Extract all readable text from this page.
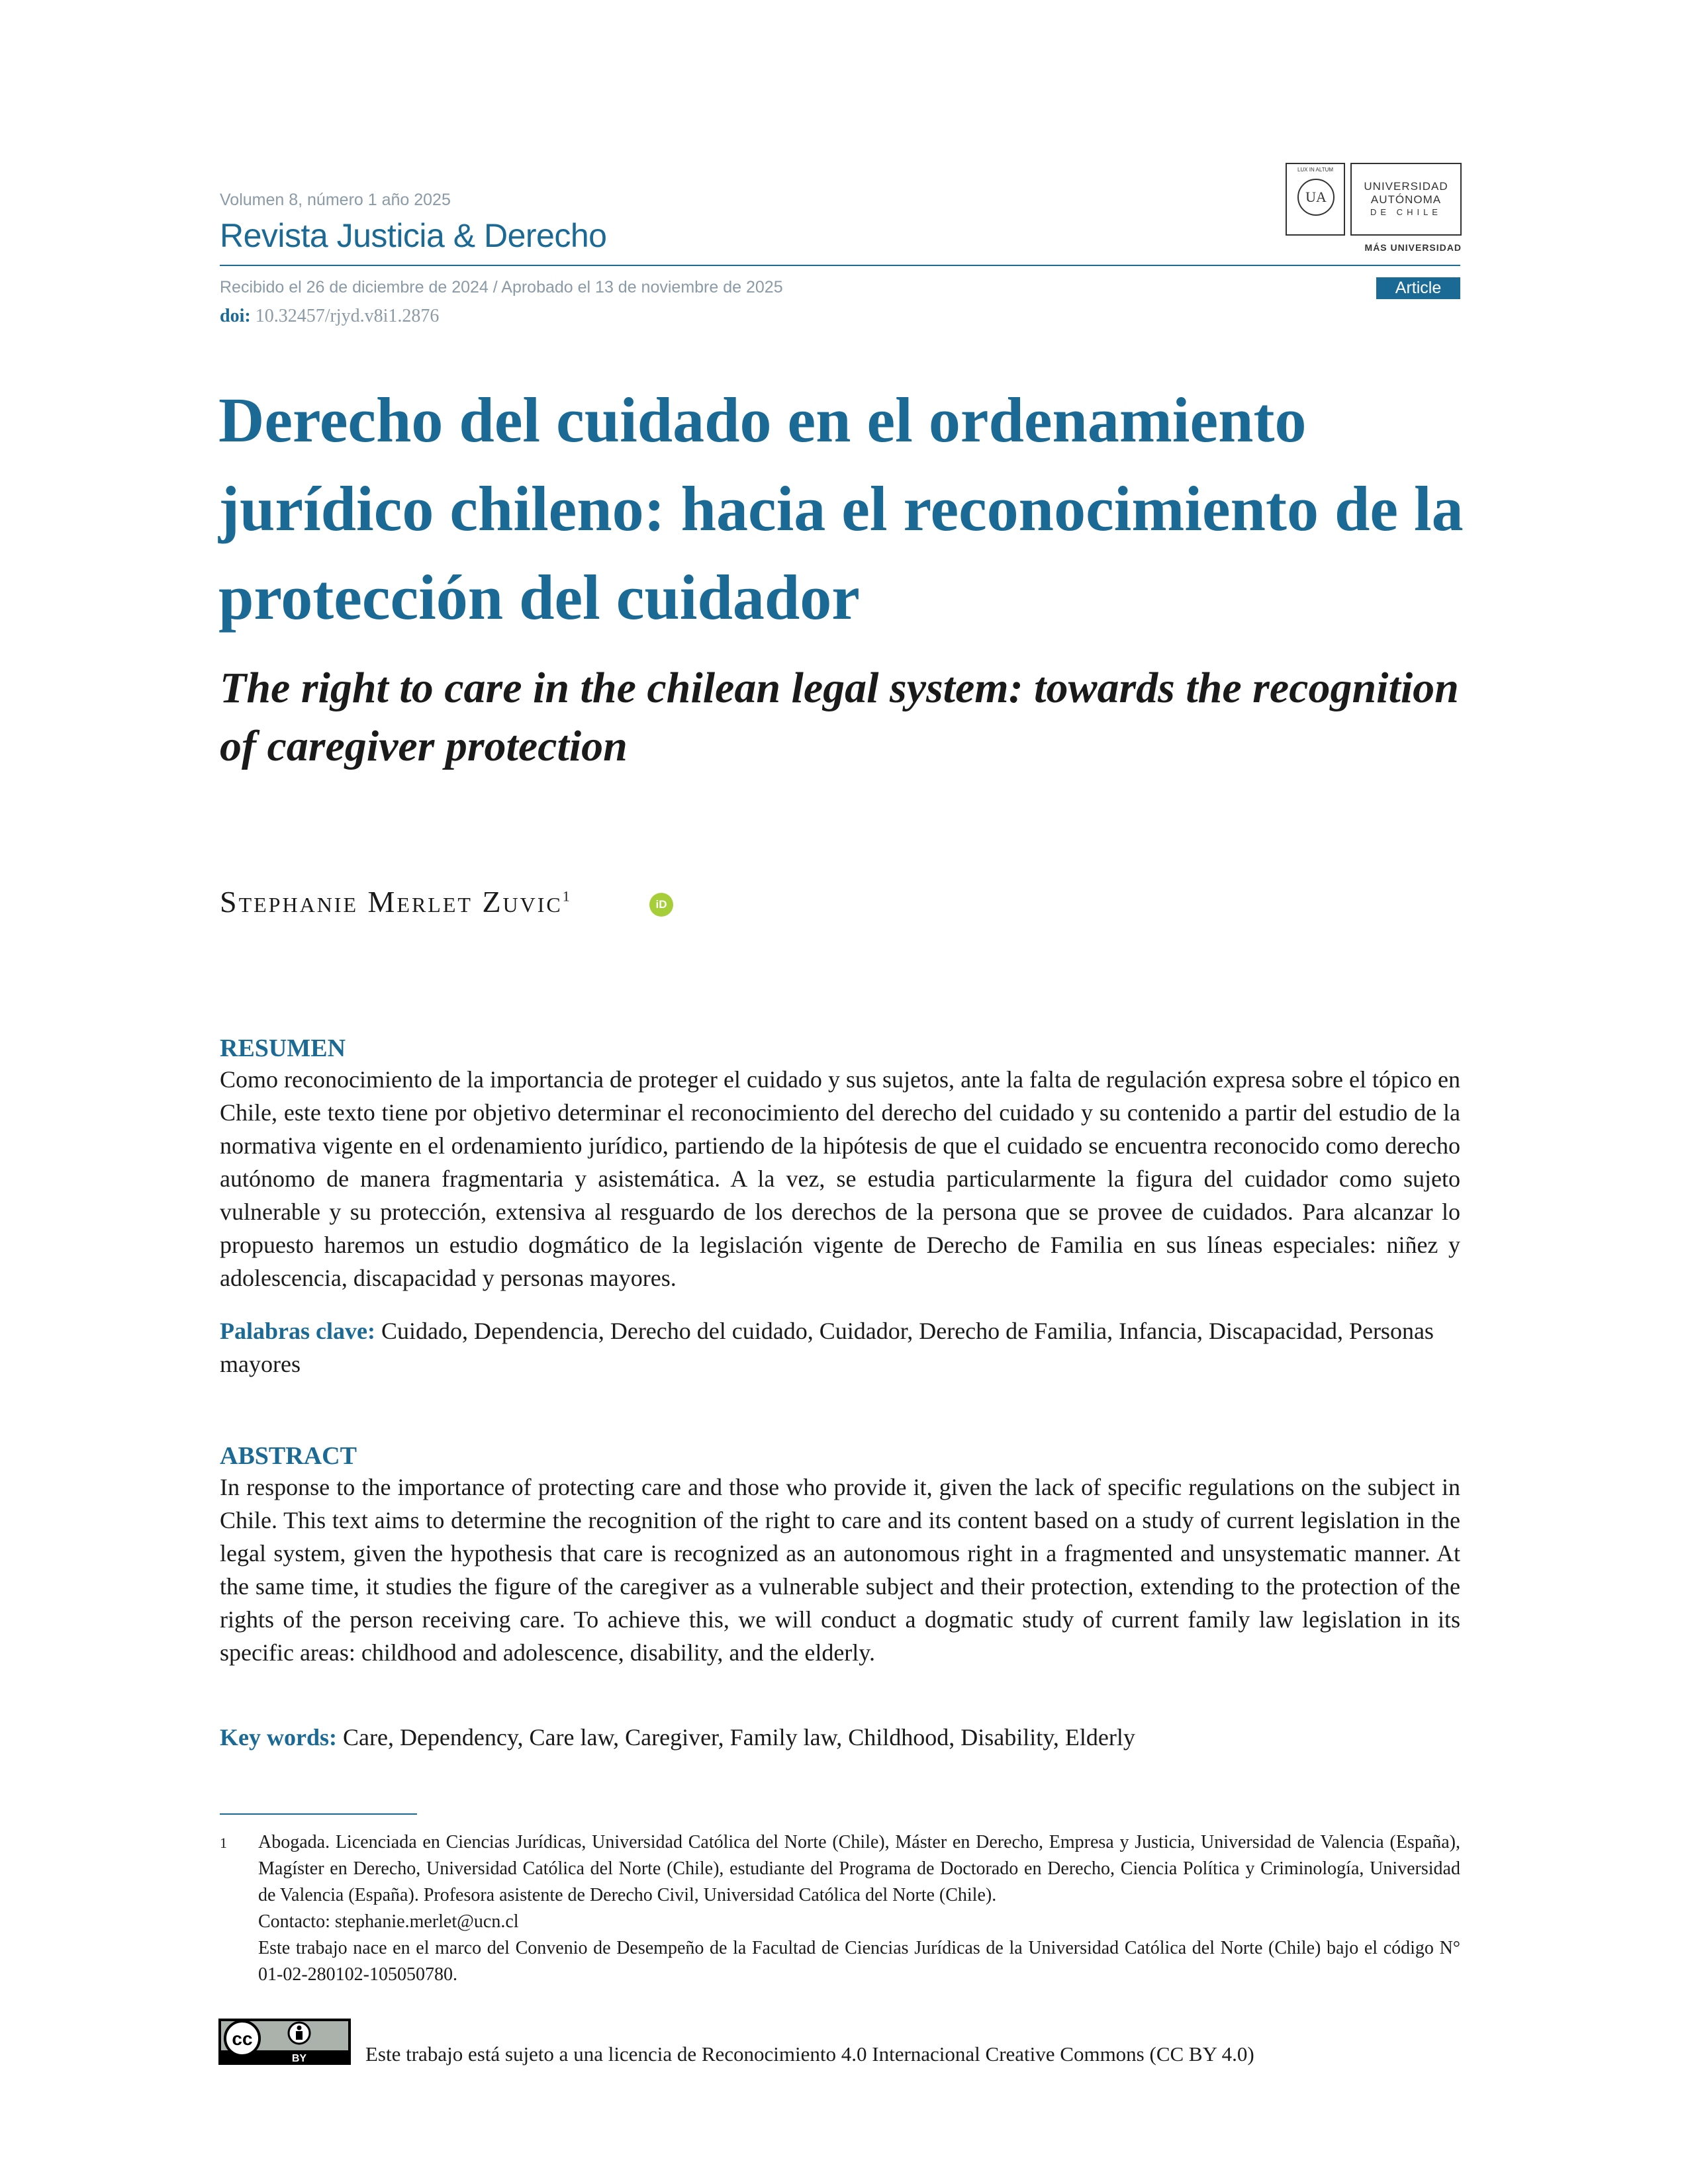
Volumen 8, número 1 año 2025
Revista Justicia & Derecho
Recibido el 26 de diciembre de 2024 / Aprobado el 13 de noviembre de 2025
doi: 10.32457/rjyd.v8i1.2876
Article
LUX IN ALTUM
UA
UNIVERSIDAD
AUTÓNOMA
DE CHILE
MÁS UNIVERSIDAD
Derecho del cuidado en el ordenamiento jurídico chileno: hacia el reconocimiento de la protección del cuidador
The right to care in the chilean legal system: towards the recognition of caregiver protection
Stephanie Merlet Zuvic$^1$	iD
RESUMEN
Como reconocimiento de la importancia de proteger el cuidado y sus sujetos, ante la falta de regulación expresa sobre el tópico en Chile, este texto tiene por objetivo determinar el reconocimiento del derecho del cuidado y su contenido a partir del estudio de la normativa vigente en el ordenamiento jurídico, partiendo de la hipótesis de que el cuidado se encuentra reconocido como derecho autónomo de manera fragmentaria y asistemática. A la vez, se estudia particularmente la figura del cuidador como sujeto vulnerable y su protección, extensiva al resguardo de los derechos de la persona que se provee de cuidados. Para alcanzar lo propuesto haremos un estudio dogmático de la legislación vigente de Derecho de Familia en sus líneas especiales: niñez y adolescencia, discapacidad y personas mayores.
Palabras clave: Cuidado, Dependencia, Derecho del cuidado, Cuidador, Derecho de Familia, Infancia, Discapacidad, Personas mayores
ABSTRACT
In response to the importance of protecting care and those who provide it, given the lack of specific regulations on the subject in Chile. This text aims to determine the recognition of the right to care and its content based on a study of current legislation in the legal system, given the hypothesis that care is recognized as an autonomous right in a fragmented and unsystematic manner. At the same time, it studies the figure of the caregiver as a vulnerable subject and their protection, extending to the protection of the rights of the person receiving care. To achieve this, we will conduct a dogmatic study of current family law legislation in its specific areas: childhood and adolescence, disability, and the elderly.
Key words: Care, Dependency, Care law, Caregiver, Family law, Childhood, Disability, Elderly
1 Abogada. Licenciada en Ciencias Jurídicas, Universidad Católica del Norte (Chile), Máster en Derecho, Empresa y Justicia, Universidad de Valencia (España), Magíster en Derecho, Universidad Católica del Norte (Chile), estudiante del Programa de Doctorado en Derecho, Ciencia Política y Criminología, Universidad de Valencia (España). Profesora asistente de Derecho Civil, Universidad Católica del Norte (Chile).
Contacto: stephanie.merlet@ucn.cl
Este trabajo nace en el marco del Convenio de Desempeño de la Facultad de Ciencias Jurídicas de la Universidad Católica del Norte (Chile) bajo el código N° 01-02-280102-105050780.
cc
BY	Este trabajo está sujeto a una licencia de Reconocimiento 4.0 Internacional Creative Commons (CC BY 4.0)
